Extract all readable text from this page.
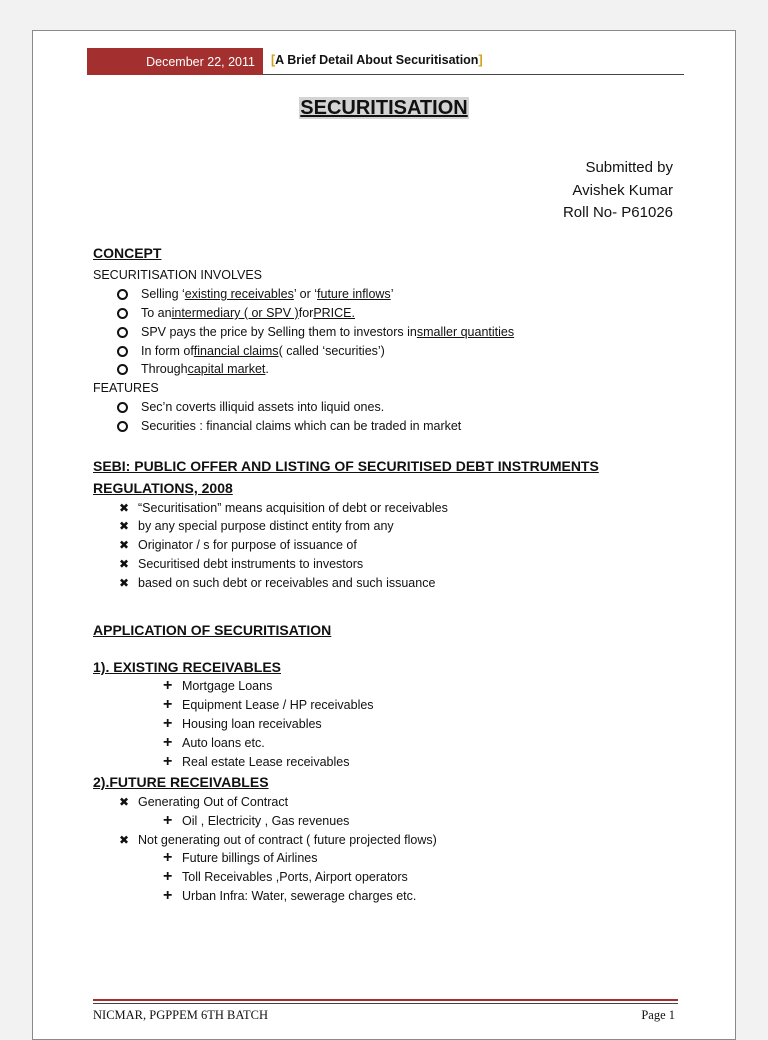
December 22, 2011	[A Brief Detail About Securitisation]
SECURITISATION
Submitted by
Avishek Kumar
Roll No- P61026
CONCEPT
SECURITISATION INVOLVES
Selling ‘ existing receivables ’ or ‘ future inflows ’
To an intermediary ( or SPV ) for PRICE.
SPV pays the price by Selling them to investors in smaller quantities
In form of financial claims ( called ‘securities’)
Through capital market .
FEATURES
Sec’n coverts illiquid assets into liquid ones.
Securities : financial claims which can be traded in market
SEBI: PUBLIC OFFER AND LISTING OF SECURITISED DEBT INSTRUMENTS
REGULATIONS, 2008
✖ “Securitisation” means acquisition of debt or receivables
✖ by any special purpose distinct entity from any
✖ Originator / s for purpose of issuance of
✖ Securitised debt instruments to investors
✖ based on such debt or receivables and such issuance
APPLICATION OF SECURITISATION
1). EXISTING RECEIVABLES
+ Mortgage Loans
+ Equipment Lease / HP receivables
+ Housing loan receivables
+ Auto loans etc.
+ Real estate Lease receivables
2).FUTURE RECEIVABLES
✖ Generating Out of Contract
+ Oil , Electricity , Gas revenues
✖ Not generating out of contract ( future projected flows)
+ Future billings of Airlines
+ Toll Receivables ,Ports, Airport operators
+ Urban Infra: Water, sewerage charges etc.
NICMAR, PGPPEM 6TH BATCH	Page 1
